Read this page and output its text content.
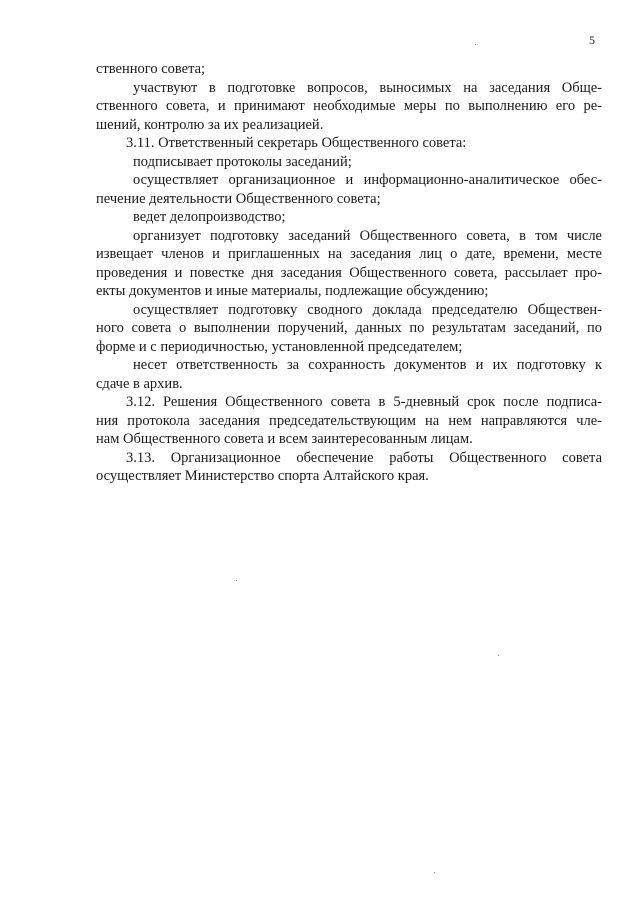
5
ственного совета;
участвуют в подготовке вопросов, выносимых на заседания Обще-
ственного совета, и принимают необходимые меры по выполнению его ре-
шений, контролю за их реализацией.
3.11. Ответственный секретарь Общественного совета:
подписывает протоколы заседаний;
осуществляет организационное и информационно-аналитическое обес-
печение деятельности Общественного совета;
ведет делопроизводство;
организует подготовку заседаний Общественного совета, в том числе
извещает членов и приглашенных на заседания лиц о дате, времени, месте
проведения и повестке дня заседания Общественного совета, рассылает про-
екты документов и иные материалы, подлежащие обсуждению;
осуществляет подготовку сводного доклада председателю Обществен-
ного совета о выполнении поручений, данных по результатам заседаний, по
форме и с периодичностью, установленной председателем;
несет ответственность за сохранность документов и их подготовку к
сдаче в архив.
3.12. Решения Общественного совета в 5-дневный срок после подписа-
ния протокола заседания председательствующим на нем направляются чле-
нам Общественного совета и всем заинтересованным лицам.
3.13. Организационное обеспечение работы Общественного совета
осуществляет Министерство спорта Алтайского края.
